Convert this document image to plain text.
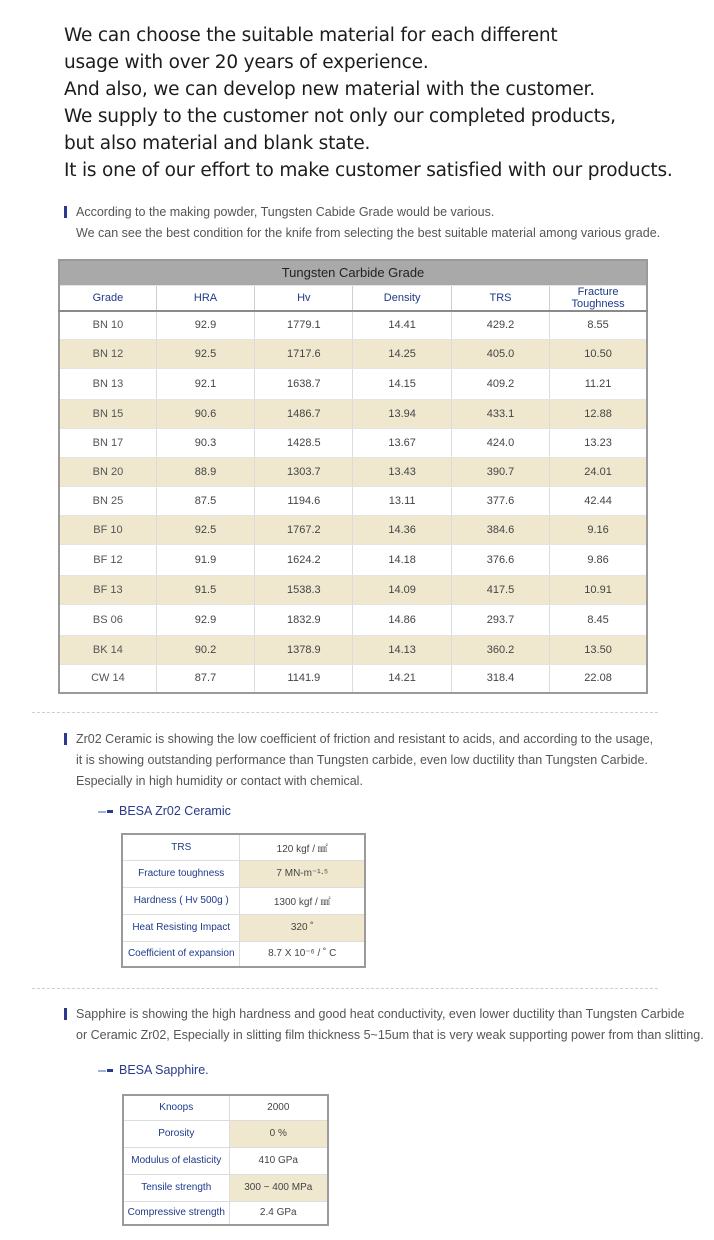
We can choose the suitable material for each different

usage with over 20 years of experience.

And also, we can develop new material with the customer.

We supply to the customer not only our completed products,

but also material and blank state.

It is one of our effort to make customer satisfied with our products.

According to the making powder, Tungsten Cabide Grade would be various.
We can see the best condition for the knife from selecting the best suitable material among various grade.
Tungsten Carbide Grade					
Grade	HRA	Hv	Density	TRS	Fracture Toughness
BN 10	92.9	1779.1	14.41	429.2	8.55
BN 12	92.5	1717.6	14.25	405.0	10.50
BN 13	92.1	1638.7	14.15	409.2	11.21
BN 15	90.6	1486.7	13.94	433.1	12.88
BN 17	90.3	1428.5	13.67	424.0	13.23
BN 20	88.9	1303.7	13.43	390.7	24.01
BN 25	87.5	1194.6	13.11	377.6	42.44
BF 10	92.5	1767.2	14.36	384.6	9.16
BF 12	91.9	1624.2	14.18	376.6	9.86
BF 13	91.5	1538.3	14.09	417.5	10.91
BS 06	92.9	1832.9	14.86	293.7	8.45
BK 14	90.2	1378.9	14.13	360.2	13.50
CW 14	87.7	1141.9	14.21	318.4	22.08
Zr02 Ceramic is showing the low coefficient of friction and resistant to acids, and according to the usage,
it is showing outstanding performance than Tungsten carbide, even low ductility than Tungsten Carbide.
Especially in high humidity or contact with chemical.
BESA Zr02 Ceramic
TRS	120 kgf / ㎟
Fracture toughness	7 MN-m⁻¹·⁵
Hardness ( Hv 500g )	1300 kgf / ㎟
Heat Resisting Impact	320 ˚
Coefficient of expansion	8.7 X 10⁻⁶ / ˚ C
Sapphire is showing the high hardness and good heat conductivity, even lower ductility than Tungsten Carbide
or Ceramic Zr02, Especially in slitting film thickness 5~15um that is very weak supporting power from than slitting.
BESA Sapphire.
Knoops	2000
Porosity	0 %
Modulus of elasticity	410 GPa
Tensile strength	300 ~ 400 MPa
Compressive strength	2.4 GPa
